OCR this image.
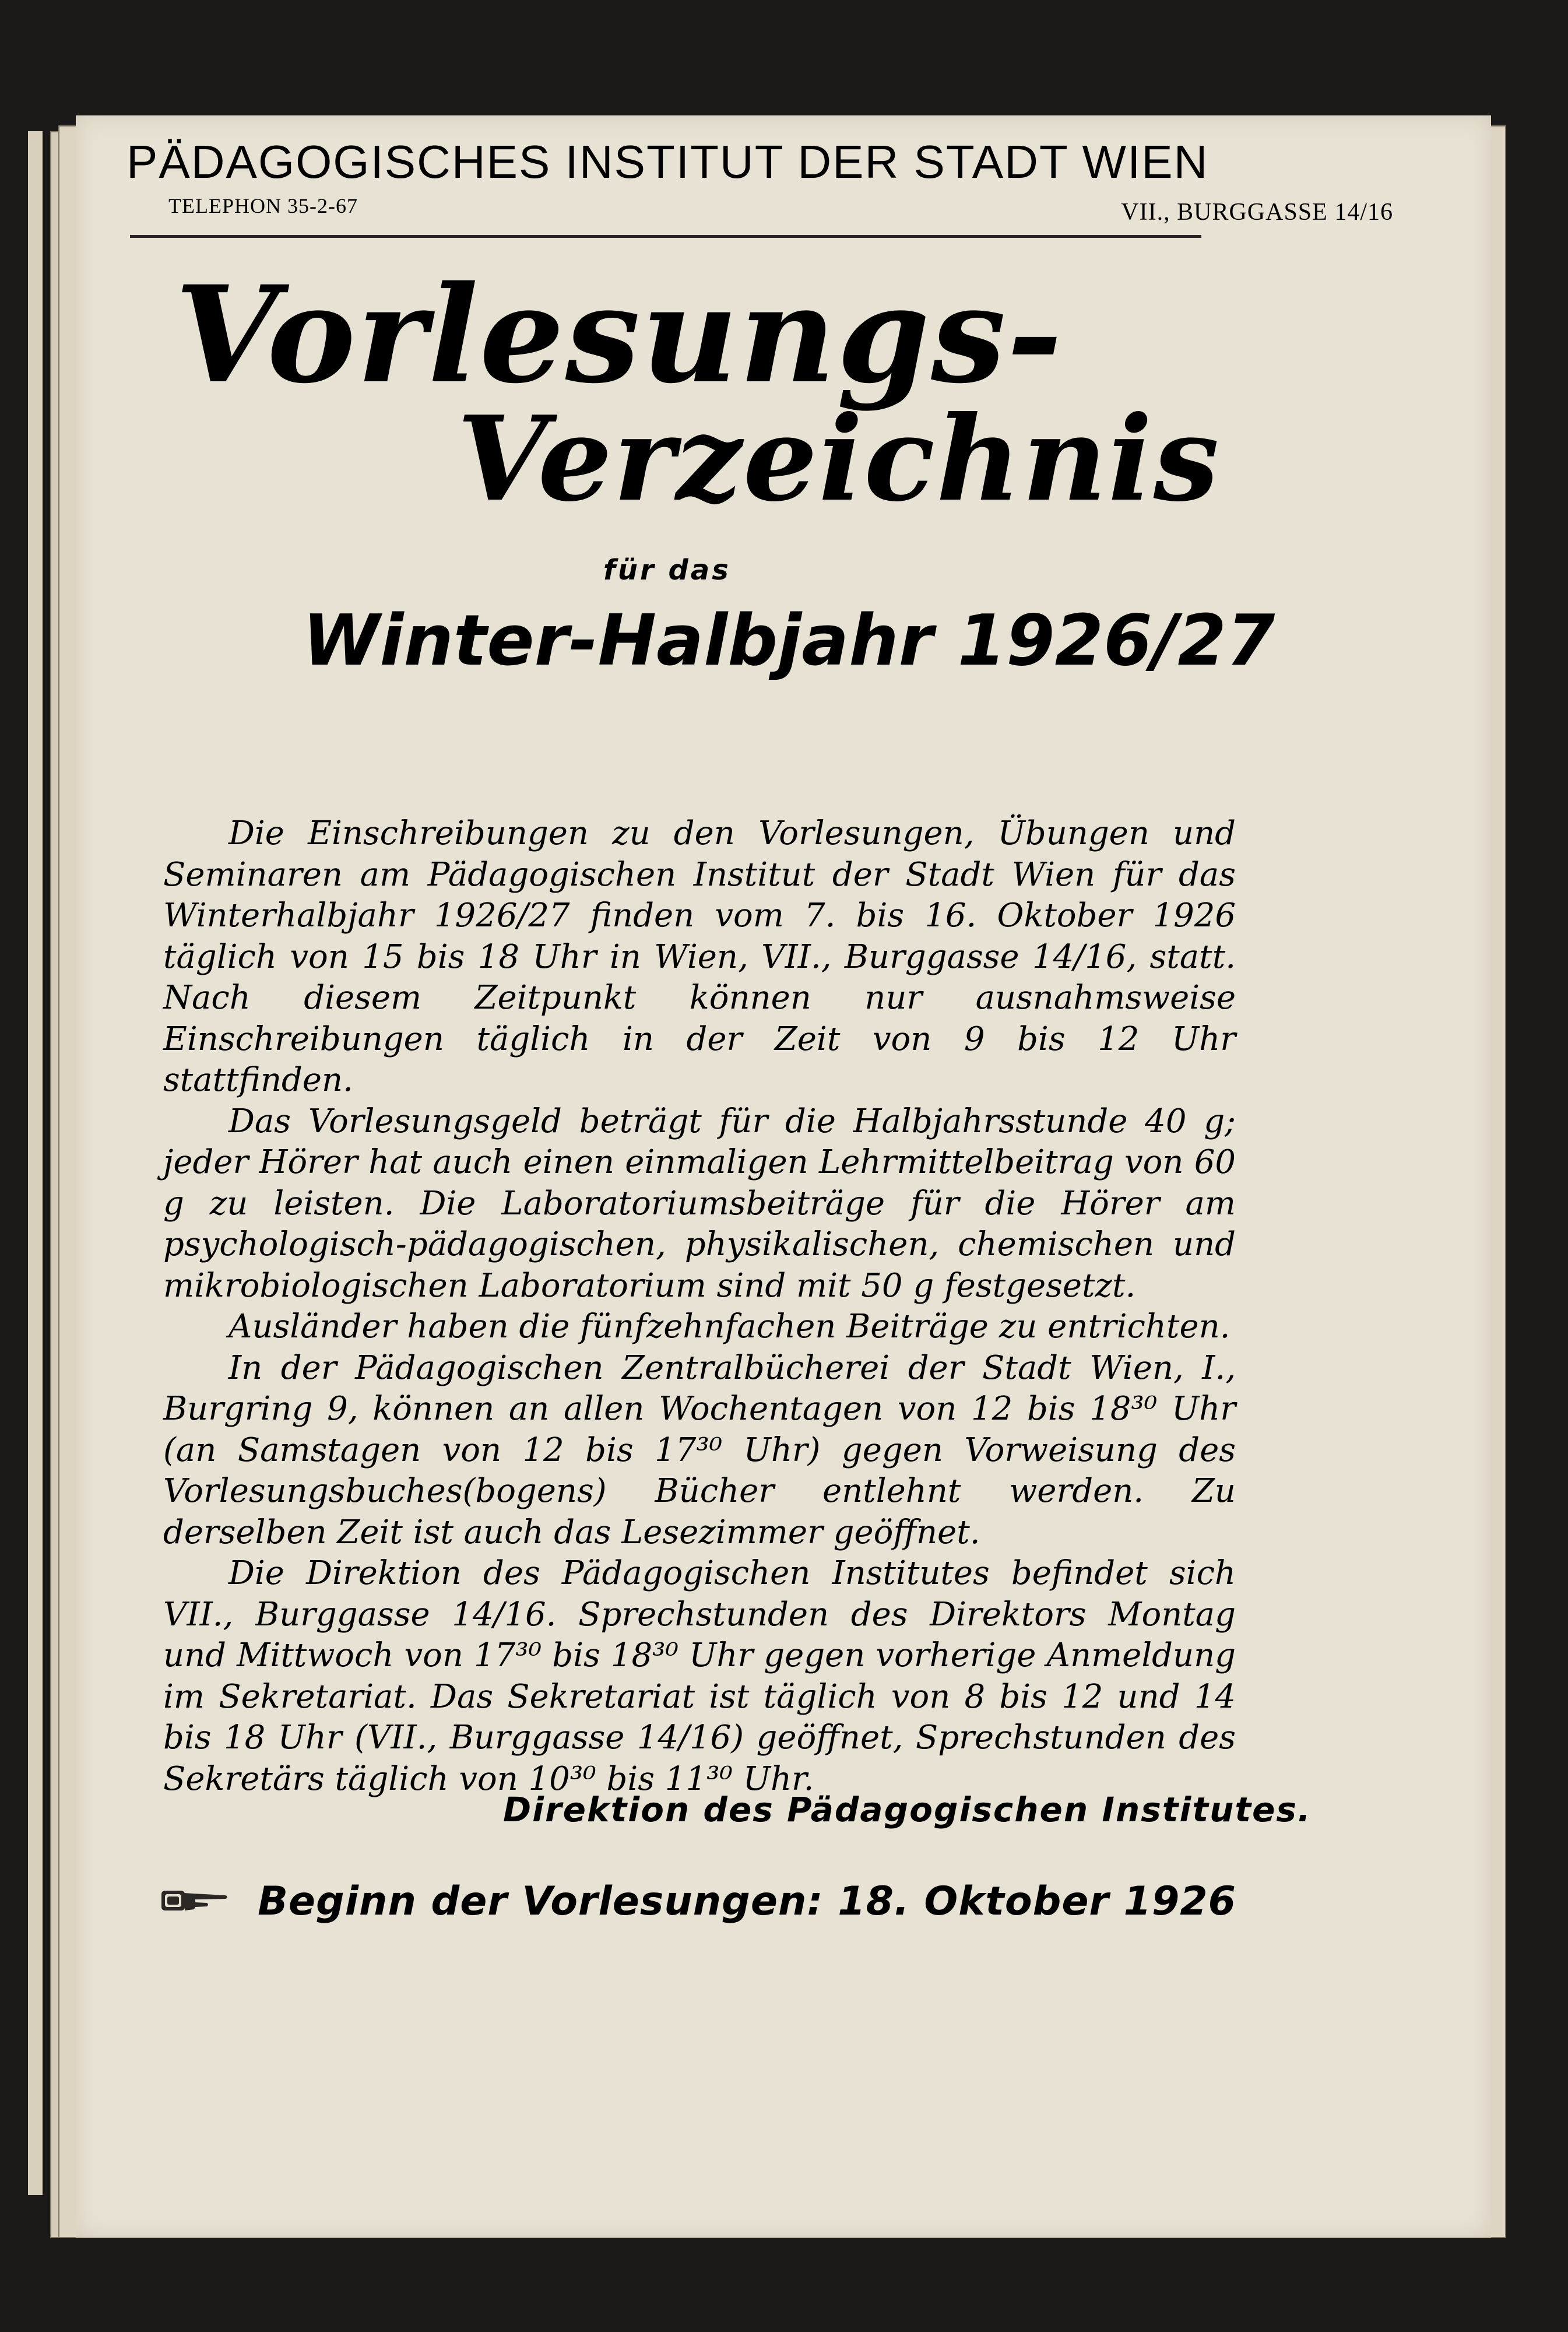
PÄDAGOGISCHES INSTITUT DER STADT WIEN
TELEPHON 35-2-67	VII., BURGGASSE 14/16
Vorlesungs-
Verzeichnis
für das
Winter-Halbjahr 1926/27

Die Einschreibungen zu den Vorlesungen, Übungen und Seminaren am Pädagogischen Institut der Stadt Wien für das Winterhalbjahr 1926/27 finden vom 7. bis 16. Oktober 1926 täglich von 15 bis 18 Uhr in Wien, VII., Burggasse 14/16, statt. Nach diesem Zeitpunkt können nur ausnahmsweise Einschreibungen täglich in der Zeit von 9 bis 12 Uhr stattfinden.

Das Vorlesungsgeld beträgt für die Halbjahrsstunde 40 g; jeder Hörer hat auch einen einmaligen Lehrmittelbeitrag von 60 g zu leisten. Die Laboratoriumsbeiträge für die Hörer am psychologisch-pädagogischen, physikalischen, chemischen und mikrobiologischen Laboratorium sind mit 50 g festgesetzt.

Ausländer haben die fünfzehnfachen Beiträge zu entrichten.

In der Pädagogischen Zentralbücherei der Stadt Wien, I., Burgring 9, können an allen Wochentagen von 12 bis 18³⁰ Uhr (an Samstagen von 12 bis 17³⁰ Uhr) gegen Vorweisung des Vorlesungsbuches(bogens) Bücher entlehnt werden. Zu derselben Zeit ist auch das Lesezimmer geöffnet.

Die Direktion des Pädagogischen Institutes befindet sich VII., Burggasse 14/16. Sprechstunden des Direktors Montag und Mittwoch von 17³⁰ bis 18³⁰ Uhr gegen vorherige Anmeldung im Sekretariat. Das Sekretariat ist täglich von 8 bis 12 und 14 bis 18 Uhr (VII., Burggasse 14/16) geöffnet, Sprechstunden des Sekretärs täglich von 10³⁰ bis 11³⁰ Uhr.

Direktion des Pädagogischen Institutes.
Beginn der Vorlesungen: 18. Oktober 1926
